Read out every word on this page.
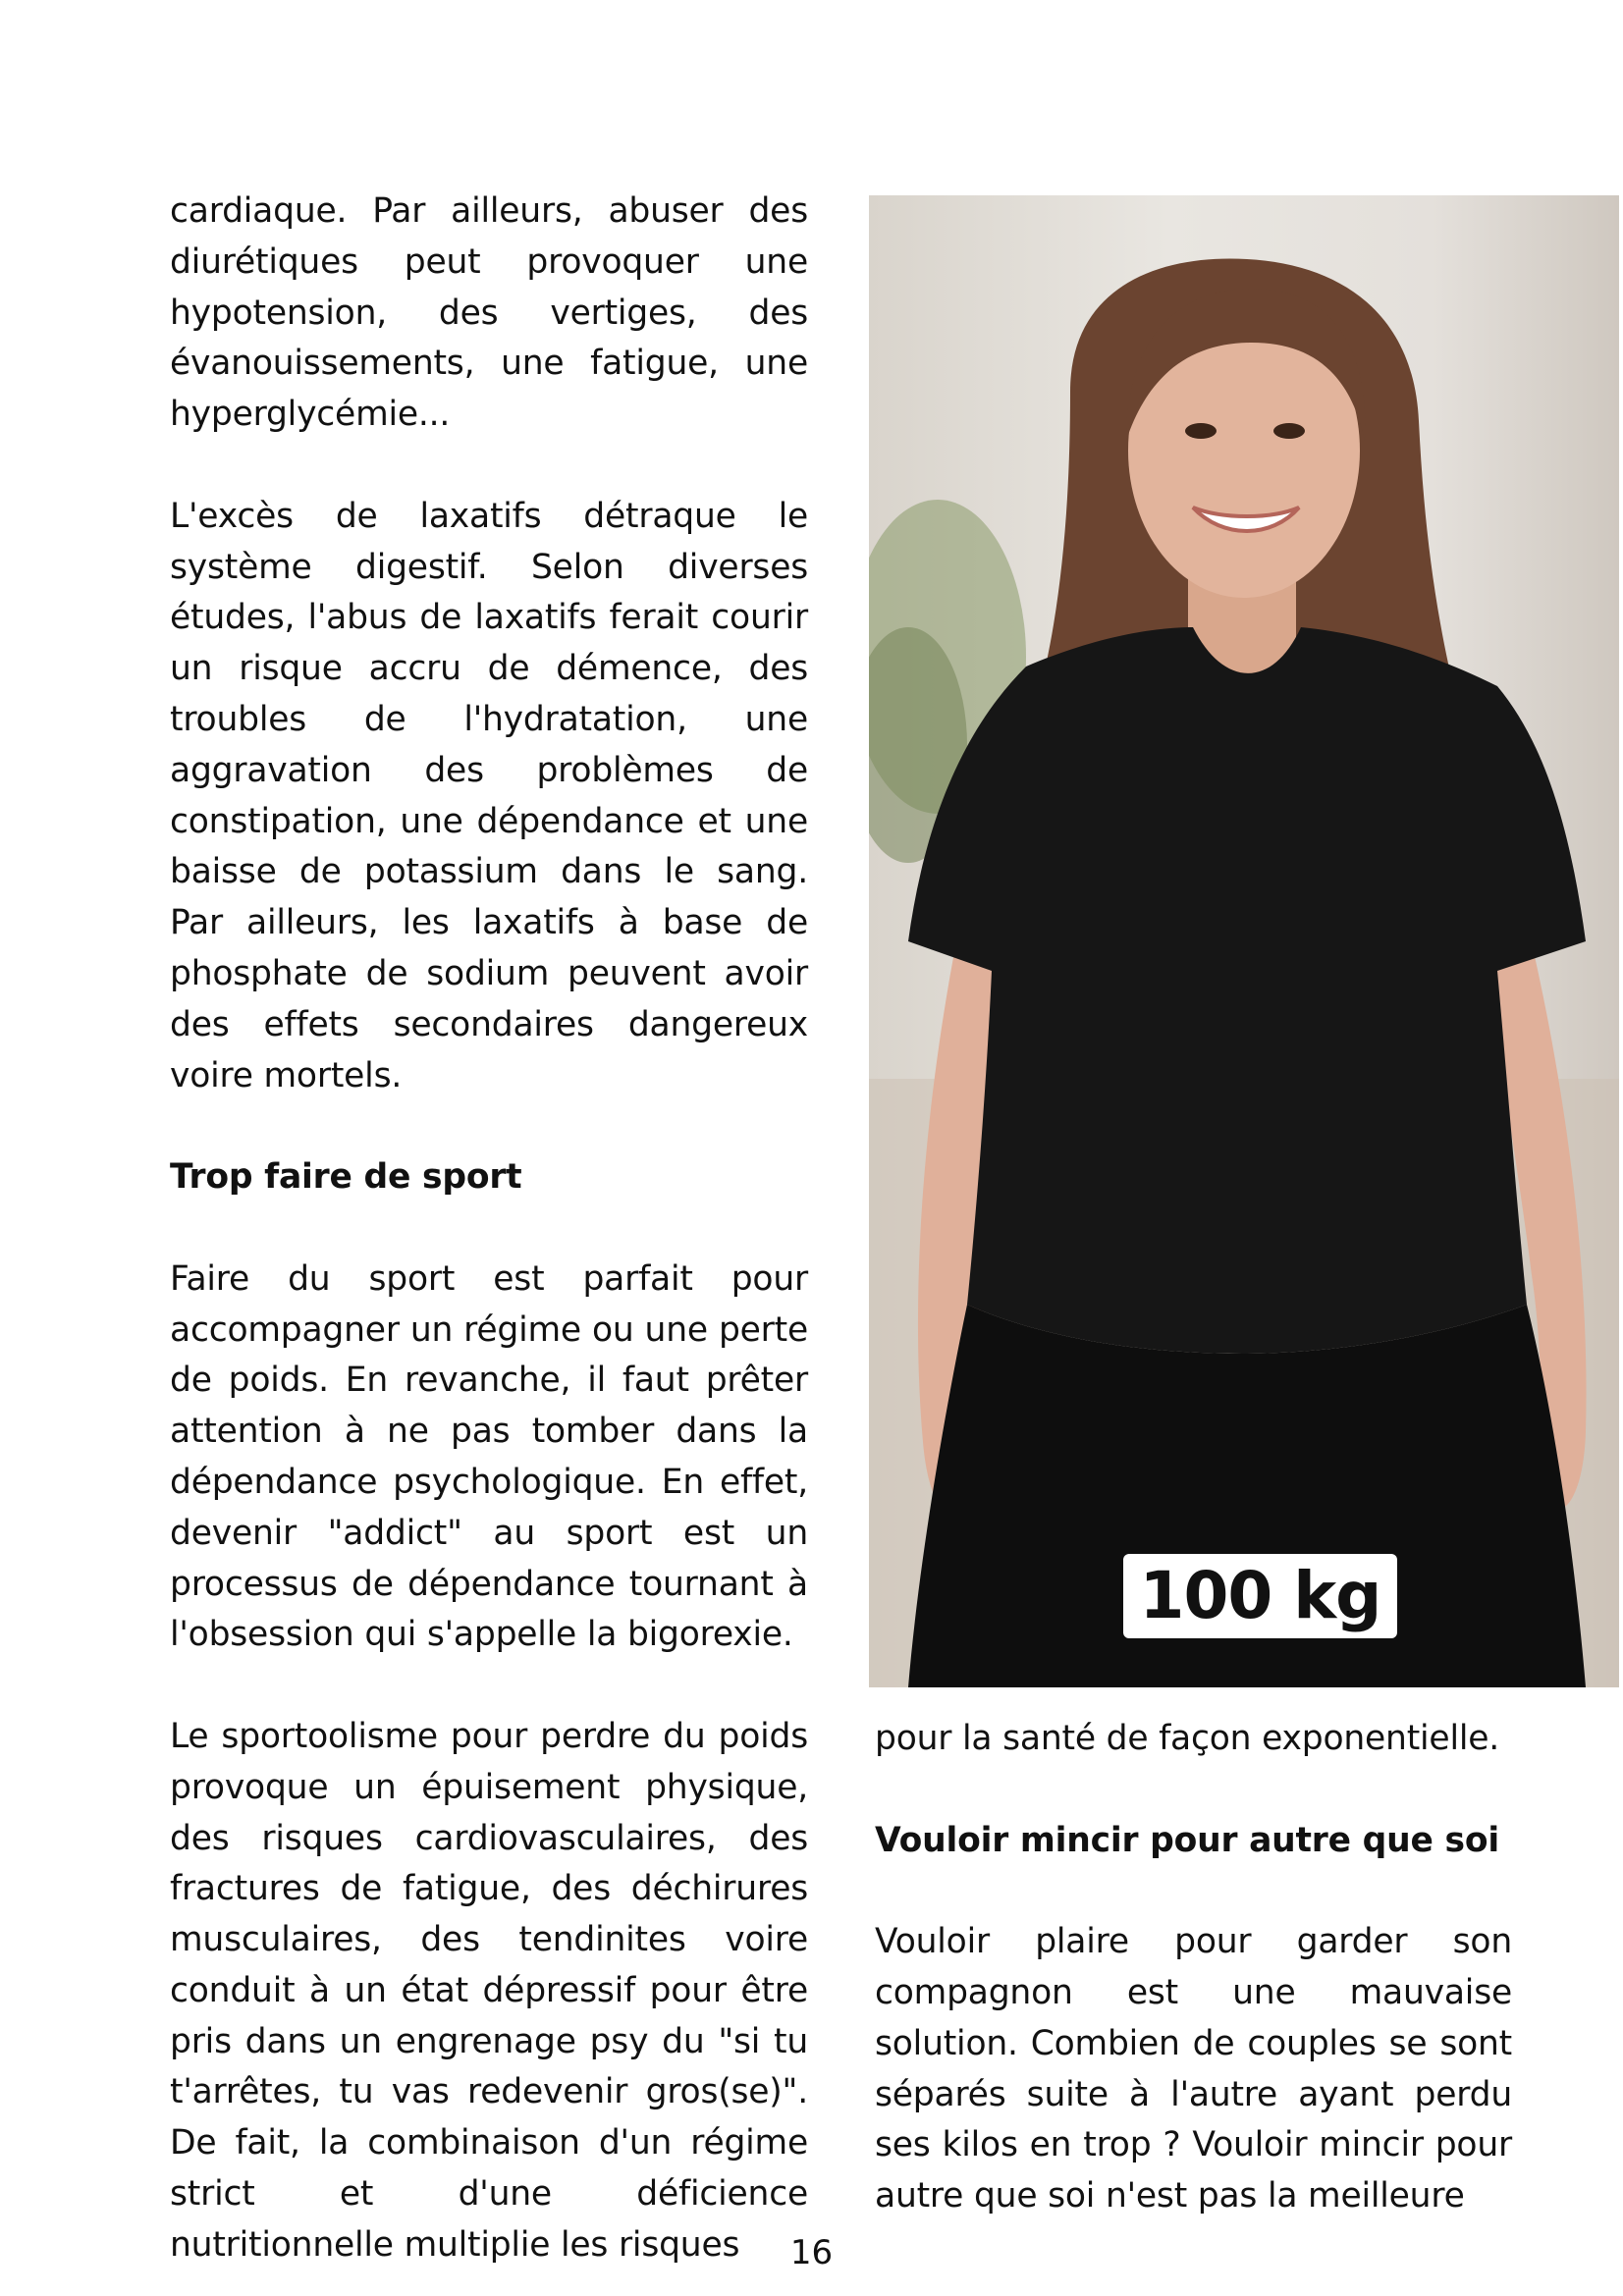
cardiaque. Par ailleurs, abuser des diurétiques peut provoquer une hypotension, des vertiges, des évanouissements, une fatigue, une hyperglycémie...

L'excès de laxatifs détraque le système digestif. Selon diverses études, l'abus de laxatifs ferait courir un risque accru de démence, des troubles de l'hydratation, une aggravation des problèmes de constipation, une dépendance et une baisse de potassium dans le sang. Par ailleurs, les laxatifs à base de phosphate de sodium peuvent avoir des effets secondaires dangereux voire mortels.

Trop faire de sport

Faire du sport est parfait pour accompagner un régime ou une perte de poids. En revanche, il faut prêter attention à ne pas tomber dans la dépendance psychologique. En effet, devenir "addict" au sport est un processus de dépendance tournant à l'obsession qui s'appelle la bigorexie.

Le sportoolisme pour perdre du poids provoque un épuisement physique, des risques cardiovasculaires, des fractures de fatigue, des déchirures musculaires, des tendinites voire conduit à un état dépressif pour être pris dans un engrenage psy du "si tu t'arrêtes, tu vas redevenir gros(se)". De fait, la combinaison d'un régime strict et d'une déficience nutritionnelle multiplie les risques

100 kg

pour la santé de façon exponentielle.

Vouloir mincir pour autre que soi

Vouloir plaire pour garder son compagnon est une mauvaise solution. Combien de couples se sont séparés suite à l'autre ayant perdu ses kilos en trop ? Vouloir mincir pour autre que soi n'est pas la meilleure

16
